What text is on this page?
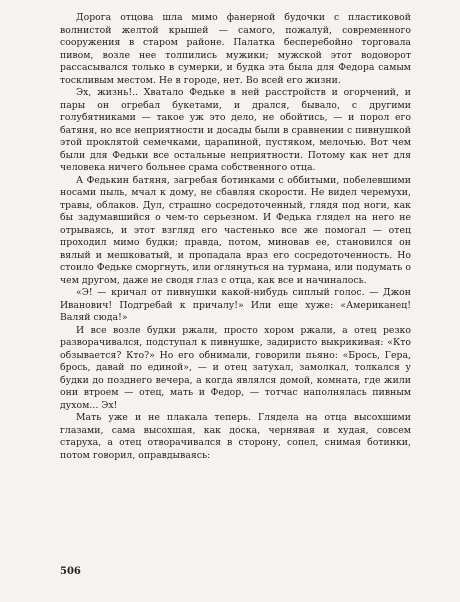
Дорога отцова шла мимо фанерной будочки с пластиковой волнистой желтой крышей — самого, пожалуй, современного сооружения в старом районе. Палатка бесперебойно торговала пивом, возле нее толпились мужики; мужской этот водоворот рассасывался только в сумерки, и будка эта была для Федора самым тоскливым местом. Не в городе, нет. Во всей его жизни.

Эх, жизнь!.. Хватало Федьке в ней расстройств и огорчений, и пары он огребал букетами, и дрался, бывало, с другими голубятниками — такое уж это дело, не обойтись, — и порол его батяня, но все неприятности и досады были в сравнении с пивнушкой этой проклятой семечками, царапиной, пустяком, мелочью. Вот чем были для Федьки все остальные неприятности. Потому как нет для человека ничего больнее срама собственного отца.

А Федькин батяня, загребая ботинками с оббитыми, побелевшими носами пыль, мчал к дому, не сбавляя скорости. Не видел черемухи, травы, облаков. Дул, страшно сосредоточенный, глядя под ноги, как бы задумавшийся о чем-то серьезном. И Федька глядел на него не отрываясь, и этот взгляд его частенько все же помогал — отец проходил мимо будки; правда, потом, миновав ее, становился он вялый и мешковатый, и пропадала враз его сосредоточенность. Но стоило Федьке сморгнуть, или оглянуться на турмана, или подумать о чем другом, даже не сводя глаз с отца, как все и начиналось.

«Э! — кричал от пивнушки какой-нибудь сиплый голос. — Джон Иванович! Подгребай к причалу!» Или еще хуже: «Американец! Валяй сюда!»

И все возле будки ржали, просто хором ржали, а отец резко разворачивался, подступал к пивнушке, задиристо выкрикивая: «Кто обзывается? Кто?» Но его обнимали, говорили пьяно: «Брось, Гера, брось, давай по единой», — и отец затухал, замолкал, толкался у будки до позднего вечера, а когда являлся домой, комната, где жили они втроем — отец, мать и Федор, — тотчас наполнялась пивным духом... Эх!

Мать уже и не плакала теперь. Глядела на отца высохшими глазами, сама высохшая, как доска, чернявая и худая, совсем старуха, а отец отворачивался в сторону, сопел, снимая ботинки, потом говорил, оправдываясь:

506
